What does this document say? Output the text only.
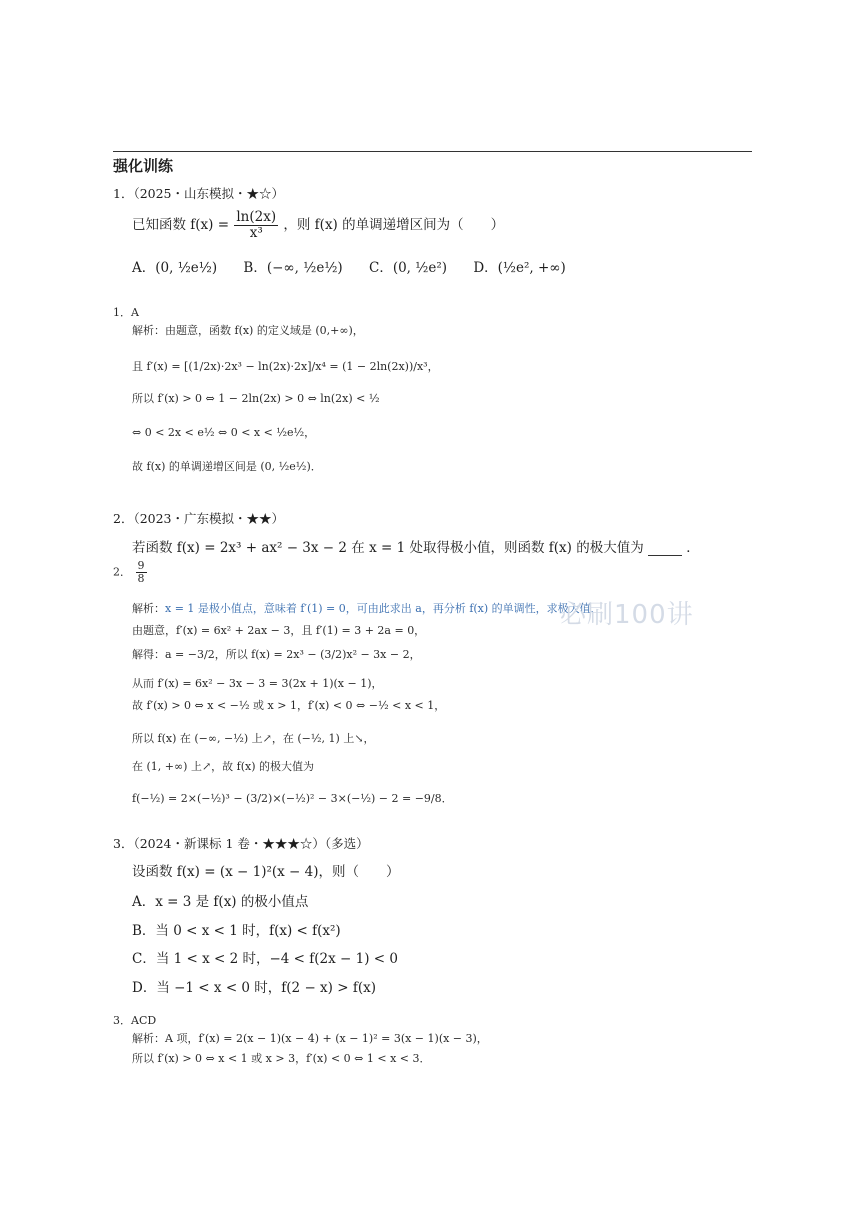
强化训练
1．（2025・山东模拟・★☆）
已知函数 $f(x) = \frac{\ln(2x)}{\text{x³}}$ ，则 f(x) 的单调递增区间为（　　）
A．(0, ½e½) B．(−∞, ½e½) C．(0, ½e²) D．(½e², +∞)
1．A
解析：由题意，函数 f(x) 的定义域是 (0,+∞)，
且 f′(x) = [(1/2x)·2x³ − ln(2x)·2x]/x⁴ = (1 − 2ln(2x))/x³，
所以 f′(x) > 0 ⇔ 1 − 2ln(2x) > 0 ⇔ ln(2x) < ½
⇔ 0 < 2x < e½ ⇔ 0 < x < ½e½，
故 f(x) 的单调递增区间是 (0, ½e½)．
2．（2023・广东模拟・★★）
若函数 f(x) = 2x³ + ax² − 3x − 2 在 x = 1 处取得极小值，则函数 f(x) 的极大值为	．
2． $\frac{9}{8}$
解析：x = 1 是极小值点，意味着 f′(1) = 0，可由此求出 a，再分析 f(x) 的单调性，求极大值．
由题意，f′(x) = 6x² + 2ax − 3，且 f′(1) = 3 + 2a = 0，
解得：a = −3/2，所以 f(x) = 2x³ − (3/2)x² − 3x − 2，
从而 f′(x) = 6x² − 3x − 3 = 3(2x + 1)(x − 1)，
故 f′(x) > 0 ⇔ x < −½ 或 x > 1，f′(x) < 0 ⇔ −½ < x < 1，
所以 f(x) 在 (−∞, −½) 上↗，在 (−½, 1) 上↘，
在 (1, +∞) 上↗，故 f(x) 的极大值为
f(−½) = 2×(−½)³ − (3/2)×(−½)² − 3×(−½) − 2 = −9/8．
必刷100讲
3．（2024・新课标 1 卷・★★★☆）（多选）
设函数 f(x) = (x − 1)²(x − 4)，则（　　）
A．x = 3 是 f(x) 的极小值点
B．当 0 < x < 1 时，f(x) < f(x²)
C．当 1 < x < 2 时，−4 < f(2x − 1) < 0
D．当 −1 < x < 0 时，f(2 − x) > f(x)
3．ACD
解析：A 项，f′(x) = 2(x − 1)(x − 4) + (x − 1)² = 3(x − 1)(x − 3)，
所以 f′(x) > 0 ⇔ x < 1 或 x > 3，f′(x) < 0 ⇔ 1 < x < 3．
